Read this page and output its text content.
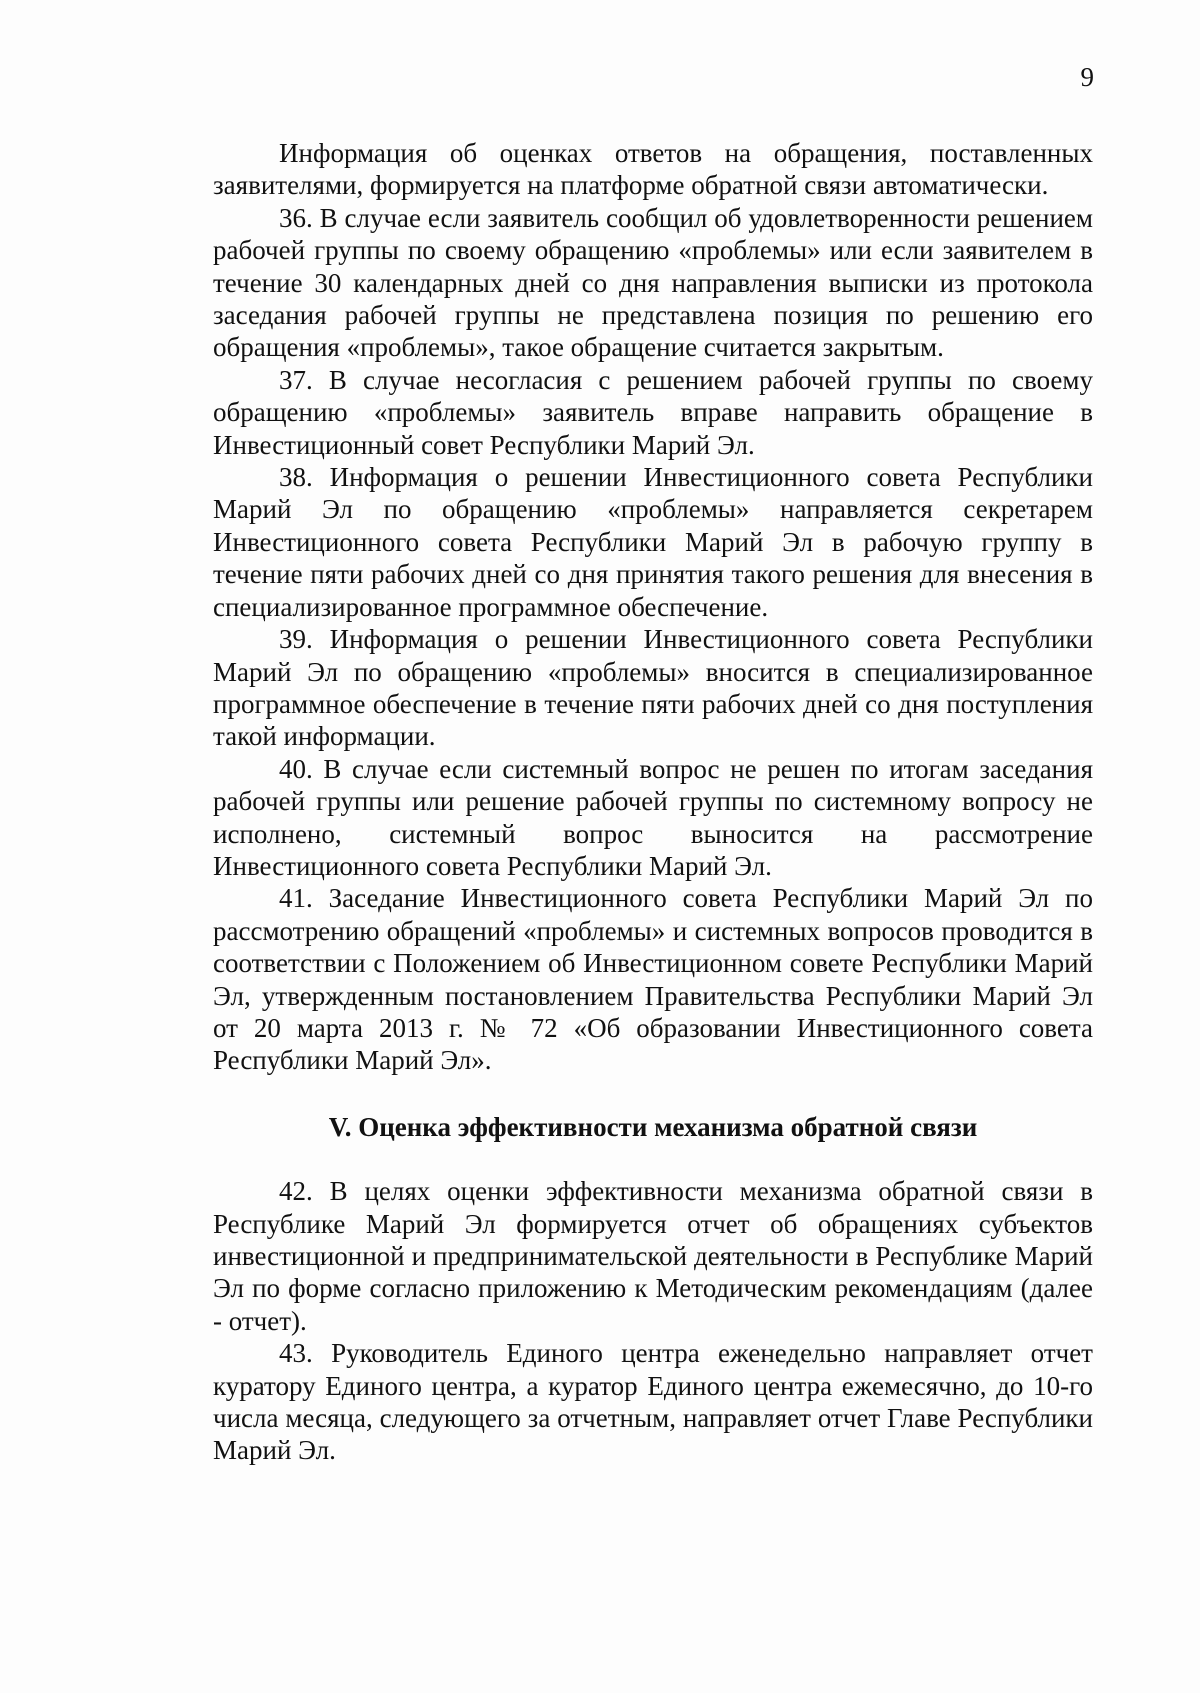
9

Информация об оценках ответов на обращения, поставленных заявителями, формируется на платформе обратной связи автоматически.

36. В случае если заявитель сообщил об удовлетворенности решением рабочей группы по своему обращению «проблемы» или если заявителем в течение 30 календарных дней со дня направления выписки из протокола заседания рабочей группы не представлена позиция по решению его обращения «проблемы», такое обращение считается закрытым.

37. В случае несогласия с решением рабочей группы по своему обращению «проблемы» заявитель вправе направить обращение в Инвестиционный совет Республики Марий Эл.

38. Информация о решении Инвестиционного совета Республики Марий Эл по обращению «проблемы» направляется секретарем Инвестиционного совета Республики Марий Эл в рабочую группу в течение пяти рабочих дней со дня принятия такого решения для внесения в специализированное программное обеспечение.

39. Информация о решении Инвестиционного совета Республики Марий Эл по обращению «проблемы» вносится в специализированное программное обеспечение в течение пяти рабочих дней со дня поступления такой информации.

40. В случае если системный вопрос не решен по итогам заседания рабочей группы или решение рабочей группы по системному вопросу не исполнено, системный вопрос выносится на рассмотрение Инвестиционного совета Республики Марий Эл.

41. Заседание Инвестиционного совета Республики Марий Эл по рассмотрению обращений «проблемы» и системных вопросов проводится в соответствии с Положением об Инвестиционном совете Республики Марий Эл, утвержденным постановлением Правительства Республики Марий Эл от 20 марта 2013 г. № 72 «Об образовании Инвестиционного совета Республики Марий Эл».

V. Оценка эффективности механизма обратной связи

42. В целях оценки эффективности механизма обратной связи в Республике Марий Эл формируется отчет об обращениях субъектов инвестиционной и предпринимательской деятельности в Республике Марий Эл по форме согласно приложению к Методическим рекомендациям (далее - отчет).

43. Руководитель Единого центра еженедельно направляет отчет куратору Единого центра, а куратор Единого центра ежемесячно, до 10-го числа месяца, следующего за отчетным, направляет отчет Главе Республики Марий Эл.
